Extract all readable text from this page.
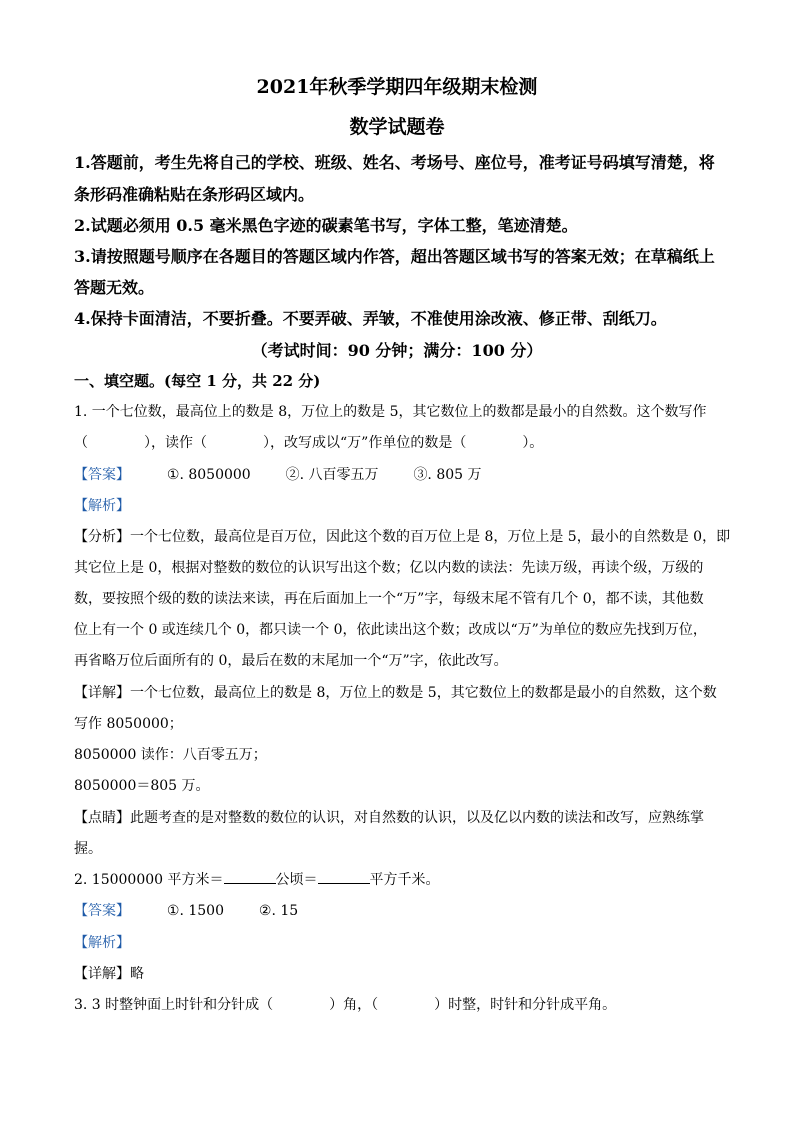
2021年秋季学期四年级期末检测
数学试题卷
1.答题前，考生先将自己的学校、班级、姓名、考场号、座位号，准考证号码填写清楚，将
条形码准确粘贴在条形码区域内。
2.试题必须用 0.5 毫米黑色字迹的碳素笔书写，字体工整，笔迹清楚。
3.请按照题号顺序在各题目的答题区域内作答，超出答题区域书写的答案无效；在草稿纸上
答题无效。
4.保持卡面清洁，不要折叠。不要弄破、弄皱，不准使用涂改液、修正带、刮纸刀。
（考试时间：90 分钟；满分：100 分）
一、填空题。(每空 1 分，共 22 分)
1. 一个七位数，最高位上的数是 8，万位上的数是 5，其它数位上的数都是最小的自然数。这个数写作
（　　　　），读作（　　　　），改写成以“万”作单位的数是（　　　　）。
【答案】	①. 8050000 ②. 八百零五万 ③. 805 万
【解析】
【分析】一个七位数，最高位是百万位，因此这个数的百万位上是 8，万位上是 5，最小的自然数是 0，即
其它位上是 0，根据对整数的数位的认识写出这个数；亿以内数的读法：先读万级，再读个级，万级的
数，要按照个级的数的读法来读，再在后面加上一个“万”字，每级末尾不管有几个 0，都不读，其他数
位上有一个 0 或连续几个 0，都只读一个 0，依此读出这个数；改成以“万”为单位的数应先找到万位，
再省略万位后面所有的 0，最后在数的末尾加一个“万”字，依此改写。
【详解】一个七位数，最高位上的数是 8，万位上的数是 5，其它数位上的数都是最小的自然数，这个数
写作 8050000；
8050000 读作：八百零五万；
8050000＝805 万。
【点睛】此题考查的是对整数的数位的认识，对自然数的认识，以及亿以内数的读法和改写，应熟练掌
握。
2. 15000000 平方米＝	公顷＝	平方千米。
【答案】	①. 1500 ②. 15
【解析】
【详解】略
3. 3 时整钟面上时针和分针成（　　　　）角，（　　　　）时整，时针和分针成平角。
